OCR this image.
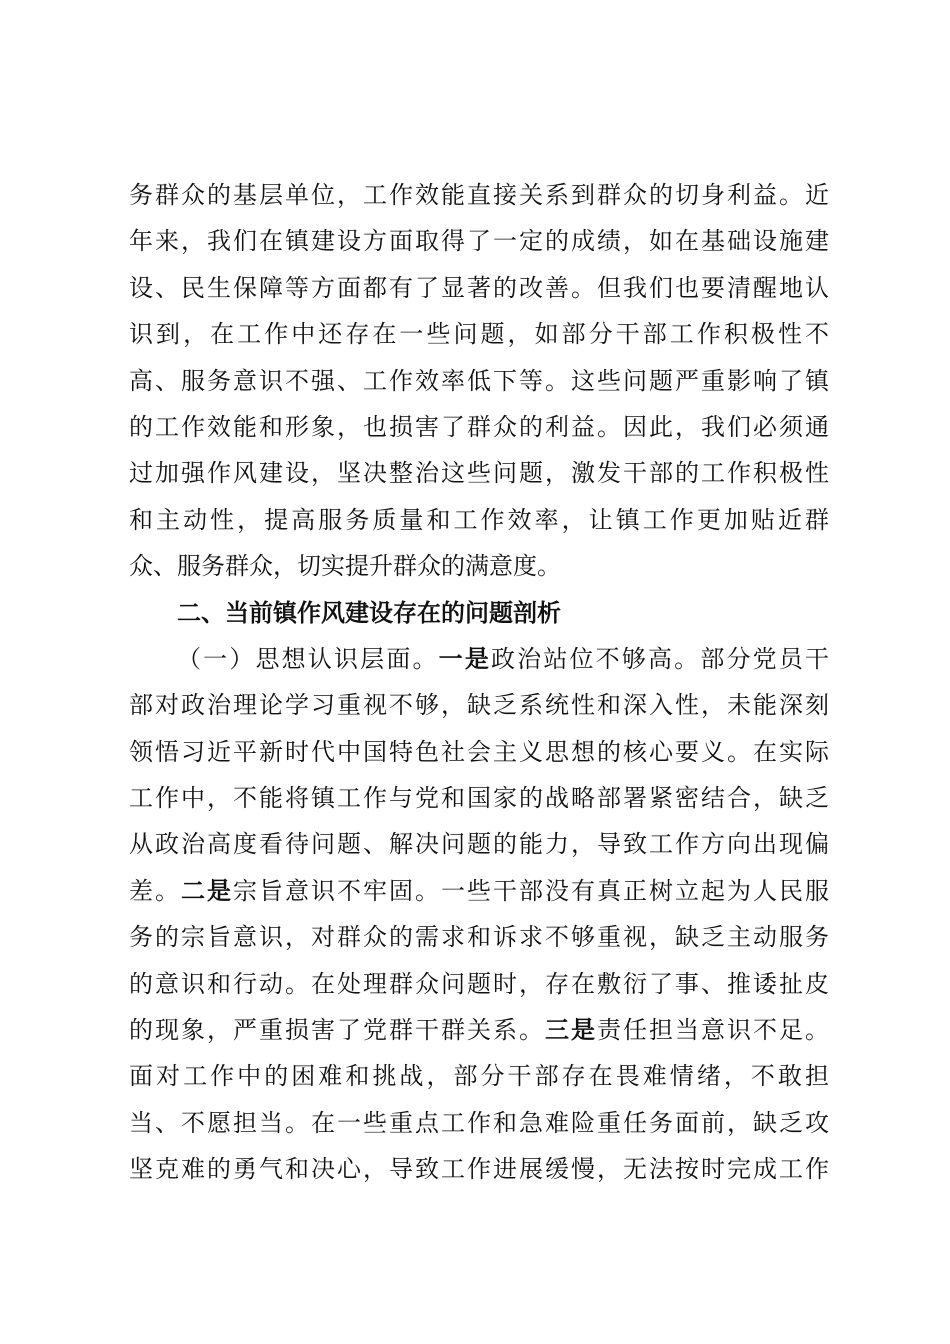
务群众的基层单位，工作效能直接关系到群众的切身利益。近
年来，我们在镇建设方面取得了一定的成绩，如在基础设施建
设、民生保障等方面都有了显著的改善。但我们也要清醒地认
识到，在工作中还存在一些问题，如部分干部工作积极性不
高、服务意识不强、工作效率低下等。这些问题严重影响了镇
的工作效能和形象，也损害了群众的利益。因此，我们必须通
过加强作风建设，坚决整治这些问题，激发干部的工作积极性
和主动性，提高服务质量和工作效率，让镇工作更加贴近群
众、服务群众，切实提升群众的满意度。
二、当前镇作风建设存在的问题剖析
（一）思想认识层面。一是政治站位不够高。部分党员干
部对政治理论学习重视不够，缺乏系统性和深入性，未能深刻
领悟习近平新时代中国特色社会主义思想的核心要义。在实际
工作中，不能将镇工作与党和国家的战略部署紧密结合，缺乏
从政治高度看待问题、解决问题的能力，导致工作方向出现偏
差。二是宗旨意识不牢固。一些干部没有真正树立起为人民服
务的宗旨意识，对群众的需求和诉求不够重视，缺乏主动服务
的意识和行动。在处理群众问题时，存在敷衍了事、推诿扯皮
的现象，严重损害了党群干群关系。三是责任担当意识不足。
面对工作中的困难和挑战，部分干部存在畏难情绪，不敢担
当、不愿担当。在一些重点工作和急难险重任务面前，缺乏攻
坚克难的勇气和决心，导致工作进展缓慢，无法按时完成工作
